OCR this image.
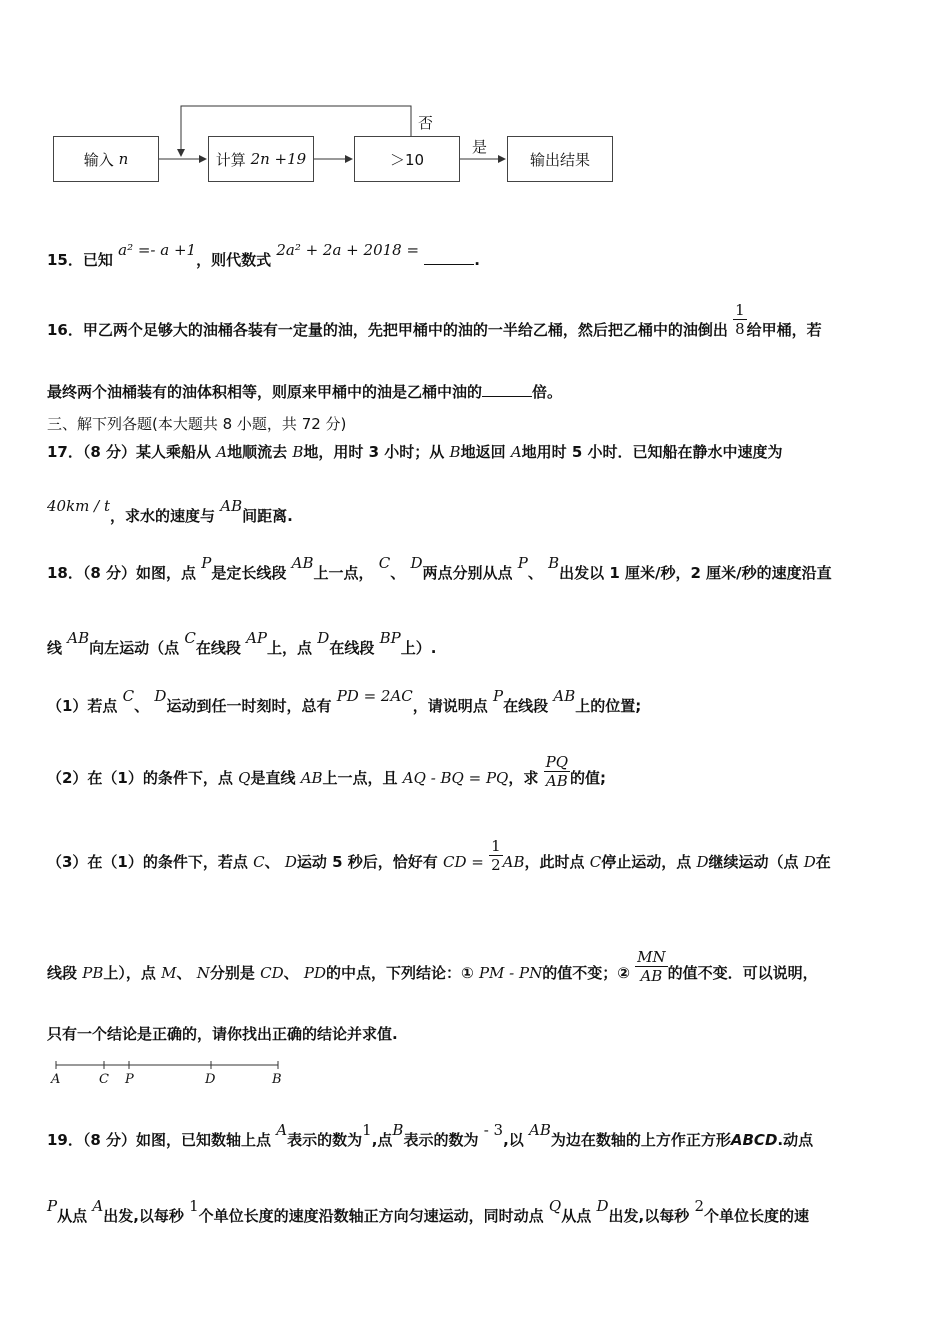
输入
n	计算
2n +19	＞10	输出结果
否
是
15．已知 a² =- a +1，则代数式 2a² + 2a + 2018 = .
16．甲乙两个足够大的油桶各装有一定量的油，先把甲桶中的油的一半给乙桶，然后把乙桶中的油倒出 $\frac{1}{8}$ 给甲桶，若
最终两个油桶装有的油体积相等，则原来甲桶中的油是乙桶中油的	倍。
三、解下列各题(本大题共 8 小题，共 72 分)
17．（8 分）某人乘船从 A地顺流去 B地，用时 3 小时；从 B地返回 A地用时 5 小时．已知船在静水中速度为
40km / t，求水的速度与 AB间距离.
18．（8 分）如图，点 P是定长线段 AB上一点， C、 D两点分别从点 P、 B出发以 1 厘米/秒，2 厘米/秒的速度沿直
线 AB向左运动（点 C在线段 AP上，点 D在线段 BP上）.
（1）若点 C、 D运动到任一时刻时，总有 PD = 2AC，请说明点 P在线段 AB上的位置;
（2）在（1）的条件下，点 Q是直线 AB上一点，且 AQ - BQ = PQ，求 $\frac{PQ}{AB}$ 的值;
（3）在（1）的条件下，若点 C、 D运动 5 秒后，恰好有 CD = $\frac{1}{2}$ AB，此时点 C停止运动，点 D继续运动（点 D在
线段 PB上），点 M、 N分别是 CD、 PD的中点，下列结论：① PM - PN的值不变；② $\frac{MN}{AB}$ 的值不变．可以说明，
只有一个结论是正确的，请你找出正确的结论并求值.
A	C P	D	B
19．（8 分）如图，已知数轴上点 A表示的数为1,点B表示的数为 - 3,以 AB为边在数轴的上方作正方形ABCD.动点
P从点 A出发,以每秒 1个单位长度的速度沿数轴正方向匀速运动，同时动点 Q从点 D出发,以每秒 2个单位长度的速
